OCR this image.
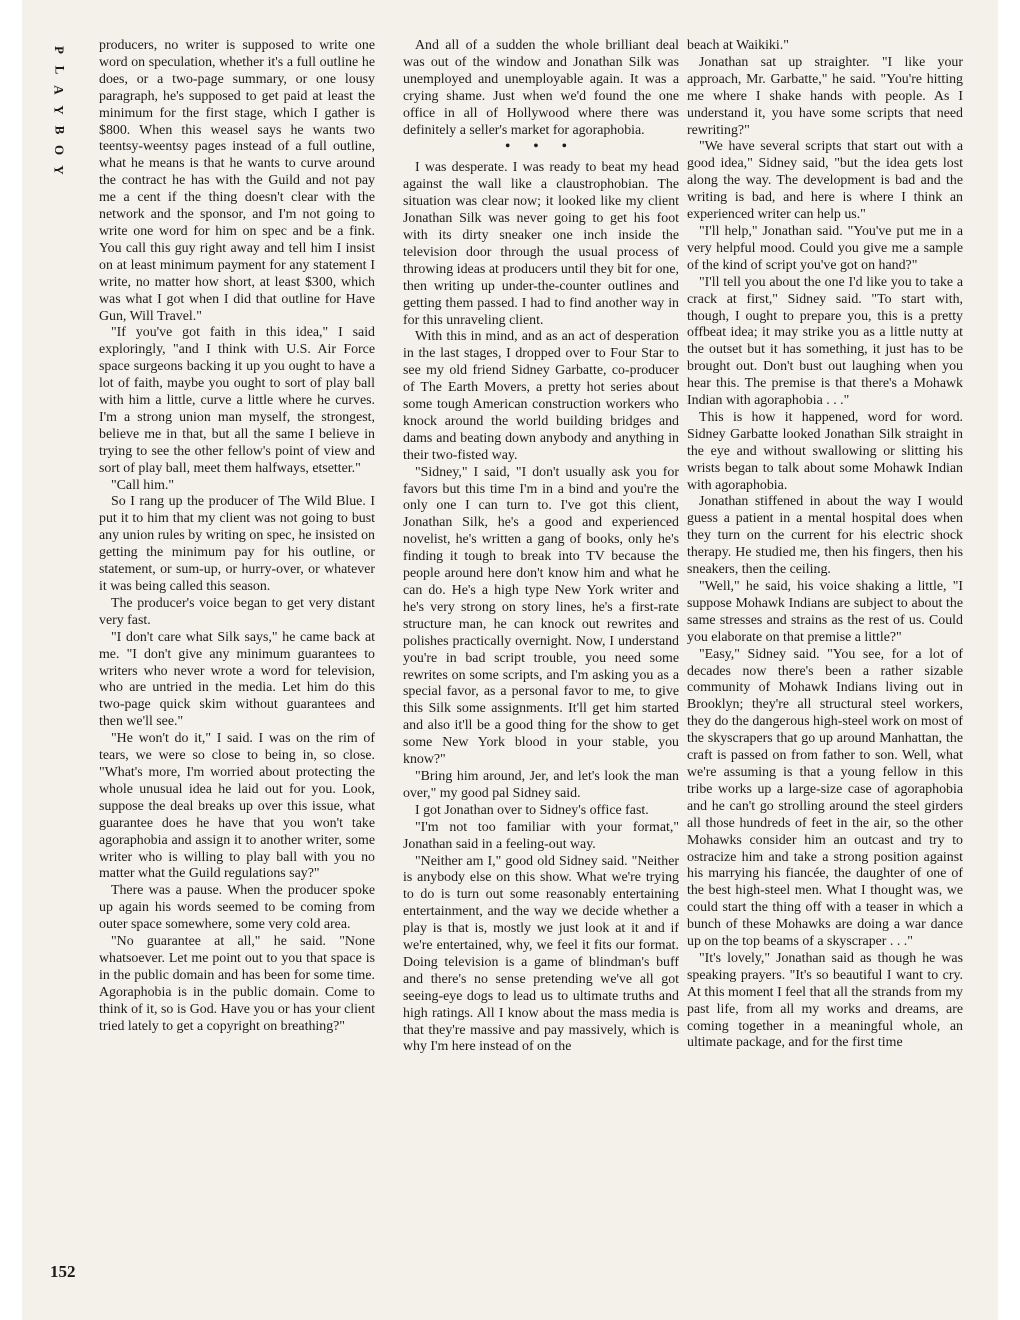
P
L
A
Y
B
O
Y
152

producers, no writer is supposed to write one word on speculation, whether it's a full outline he does, or a two-page summary, or one lousy paragraph, he's supposed to get paid at least the minimum for the first stage, which I gather is $800. When this weasel says he wants two teentsy-weentsy pages instead of a full outline, what he means is that he wants to curve around the contract he has with the Guild and not pay me a cent if the thing doesn't clear with the network and the sponsor, and I'm not going to write one word for him on spec and be a fink. You call this guy right away and tell him I insist on at least minimum payment for any statement I write, no matter how short, at least $300, which was what I got when I did that outline for Have Gun, Will Travel."

"If you've got faith in this idea," I said exploringly, "and I think with U.S. Air Force space surgeons backing it up you ought to have a lot of faith, maybe you ought to sort of play ball with him a little, curve a little where he curves. I'm a strong union man myself, the strongest, believe me in that, but all the same I believe in trying to see the other fellow's point of view and sort of play ball, meet them halfways, etsetter."

"Call him."

So I rang up the producer of The Wild Blue. I put it to him that my client was not going to bust any union rules by writing on spec, he insisted on getting the minimum pay for his outline, or statement, or sum-up, or hurry-over, or whatever it was being called this season.

The producer's voice began to get very distant very fast.

"I don't care what Silk says," he came back at me. "I don't give any minimum guarantees to writers who never wrote a word for television, who are untried in the media. Let him do this two-page quick skim without guarantees and then we'll see."

"He won't do it," I said. I was on the rim of tears, we were so close to being in, so close. "What's more, I'm worried about protecting the whole unusual idea he laid out for you. Look, suppose the deal breaks up over this issue, what guarantee does he have that you won't take agoraphobia and assign it to another writer, some writer who is willing to play ball with you no matter what the Guild regulations say?"

There was a pause. When the producer spoke up again his words seemed to be coming from outer space somewhere, some very cold area.

"No guarantee at all," he said. "None whatsoever. Let me point out to you that space is in the public domain and has been for some time. Agoraphobia is in the public domain. Come to think of it, so is God. Have you or has your client tried lately to get a copyright on breathing?"

And all of a sudden the whole brilliant deal was out of the window and Jonathan Silk was unemployed and unemployable again. It was a crying shame. Just when we'd found the one office in all of Hollywood where there was definitely a seller's market for agoraphobia.

• • •

I was desperate. I was ready to beat my head against the wall like a claustrophobian. The situation was clear now; it looked like my client Jonathan Silk was never going to get his foot with its dirty sneaker one inch inside the television door through the usual process of throwing ideas at producers until they bit for one, then writing up under-the-counter outlines and getting them passed. I had to find another way in for this unraveling client.

With this in mind, and as an act of desperation in the last stages, I dropped over to Four Star to see my old friend Sidney Garbatte, co-producer of The Earth Movers, a pretty hot series about some tough American construction workers who knock around the world building bridges and dams and beating down anybody and anything in their two-fisted way.

"Sidney," I said, "I don't usually ask you for favors but this time I'm in a bind and you're the only one I can turn to. I've got this client, Jonathan Silk, he's a good and experienced novelist, he's written a gang of books, only he's finding it tough to break into TV because the people around here don't know him and what he can do. He's a high type New York writer and he's very strong on story lines, he's a first-rate structure man, he can knock out rewrites and polishes practically overnight. Now, I understand you're in bad script trouble, you need some rewrites on some scripts, and I'm asking you as a special favor, as a personal favor to me, to give this Silk some assignments. It'll get him started and also it'll be a good thing for the show to get some New York blood in your stable, you know?"

"Bring him around, Jer, and let's look the man over," my good pal Sidney said.

I got Jonathan over to Sidney's office fast.

"I'm not too familiar with your format," Jonathan said in a feeling-out way.

"Neither am I," good old Sidney said. "Neither is anybody else on this show. What we're trying to do is turn out some reasonably entertaining entertainment, and the way we decide whether a play is that is, mostly we just look at it and if we're entertained, why, we feel it fits our format. Doing television is a game of blindman's buff and there's no sense pretending we've all got seeing-eye dogs to lead us to ultimate truths and high ratings. All I know about the mass media is that they're massive and pay massively, which is why I'm here instead of on the

beach at Waikiki."

Jonathan sat up straighter. "I like your approach, Mr. Garbatte," he said. "You're hitting me where I shake hands with people. As I understand it, you have some scripts that need rewriting?"

"We have several scripts that start out with a good idea," Sidney said, "but the idea gets lost along the way. The development is bad and the writing is bad, and here is where I think an experienced writer can help us."

"I'll help," Jonathan said. "You've put me in a very helpful mood. Could you give me a sample of the kind of script you've got on hand?"

"I'll tell you about the one I'd like you to take a crack at first," Sidney said. "To start with, though, I ought to prepare you, this is a pretty offbeat idea; it may strike you as a little nutty at the outset but it has something, it just has to be brought out. Don't bust out laughing when you hear this. The premise is that there's a Mohawk Indian with agoraphobia . . ."

This is how it happened, word for word. Sidney Garbatte looked Jonathan Silk straight in the eye and without swallowing or slitting his wrists began to talk about some Mohawk Indian with agoraphobia.

Jonathan stiffened in about the way I would guess a patient in a mental hospital does when they turn on the current for his electric shock therapy. He studied me, then his fingers, then his sneakers, then the ceiling.

"Well," he said, his voice shaking a little, "I suppose Mohawk Indians are subject to about the same stresses and strains as the rest of us. Could you elaborate on that premise a little?"

"Easy," Sidney said. "You see, for a lot of decades now there's been a rather sizable community of Mohawk Indians living out in Brooklyn; they're all structural steel workers, they do the dangerous high-steel work on most of the skyscrapers that go up around Manhattan, the craft is passed on from father to son. Well, what we're assuming is that a young fellow in this tribe works up a large-size case of agoraphobia and he can't go strolling around the steel girders all those hundreds of feet in the air, so the other Mohawks consider him an outcast and try to ostracize him and take a strong position against his marrying his fiancée, the daughter of one of the best high-steel men. What I thought was, we could start the thing off with a teaser in which a bunch of these Mohawks are doing a war dance up on the top beams of a skyscraper . . ."

"It's lovely," Jonathan said as though he was speaking prayers. "It's so beautiful I want to cry. At this moment I feel that all the strands from my past life, from all my works and dreams, are coming together in a meaningful whole, an ultimate package, and for the first time
